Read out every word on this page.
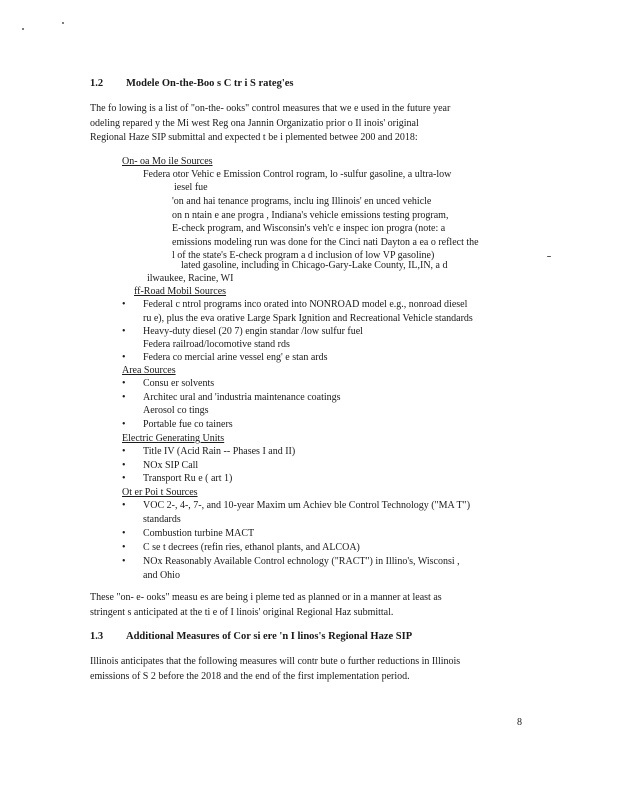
1.2 Modele On-the-Boo s C tr i S rateg'es

The fo lowing is a list of "on-the- ooks" control measures that we e used in the future year

odeling repared y the Mi west Reg ona Jannin Organizatio prior o Il inois' original

Regional Haze SIP submittal and expected t be i plemented betwee 200 and 2018:

On- oa Mo ile Sources

Federa otor Vehic e Emission Control rogram, lo -sulfur gasoline, a ultra-low

iesel fue

'on and hai tenance programs, inclu ing Illinois' en unced vehicle

on n ntain e ane progra , Indiana's vehicle emissions testing program,

E-check program, and Wisconsin's veh'c e inspec ion progra (note: a

emissions modeling run was done for the Cinci nati Dayton a ea o reflect the

l of the state's E-check program a d inclusion of low VP gasoline)

lated gasoline, including in Chicago-Gary-Lake County, IL,IN, a d

ilwaukee, Racine, WI

ff-Road Mobil Sources
•	Federal c ntrol programs inco orated into NONROAD model e.g., nonroad diesel

ru e), plus the eva orative Large Spark Ignition and Recreational Vehicle standards

•	Heavy-duty diesel (20 7) engin standar /low sulfur fuel

Federa railroad/locomotive stand rds

•	Federa co mercial arine vessel eng' e stan ards

Area Sources
•	Consu er solvents

•	Architec ural and 'industria maintenance coatings

Aerosol co tings

•	Portable fue co tainers

Electric Generating Units
•	Title IV (Acid Rain -- Phases I and II)

•	NOx SIP Call

•	Transport Ru e ( art 1)

Ot er Poi t Sources
•	VOC 2-, 4-, 7-, and 10-year Maxim um Achiev ble Control Technology ("MA T")

standards

•	Combustion turbine MACT

•	C se t decrees (refin ries, ethanol plants, and ALCOA)

•	NOx Reasonably Available Control echnology ("RACT") in Illino's, Wisconsi ,

and Ohio

These "on- e- ooks" measu es are being i pleme ted as planned or in a manner at least as

stringent s anticipated at the ti e of I linois' original Regional Haz submittal.

1.3 Additional Measures of Cor si ere 'n I linos's Regional Haze SIP

Illinois anticipates that the following measures will contr bute o further reductions in Illinois

emissions of S 2 before the 2018 and the end of the first implementation period.

8
